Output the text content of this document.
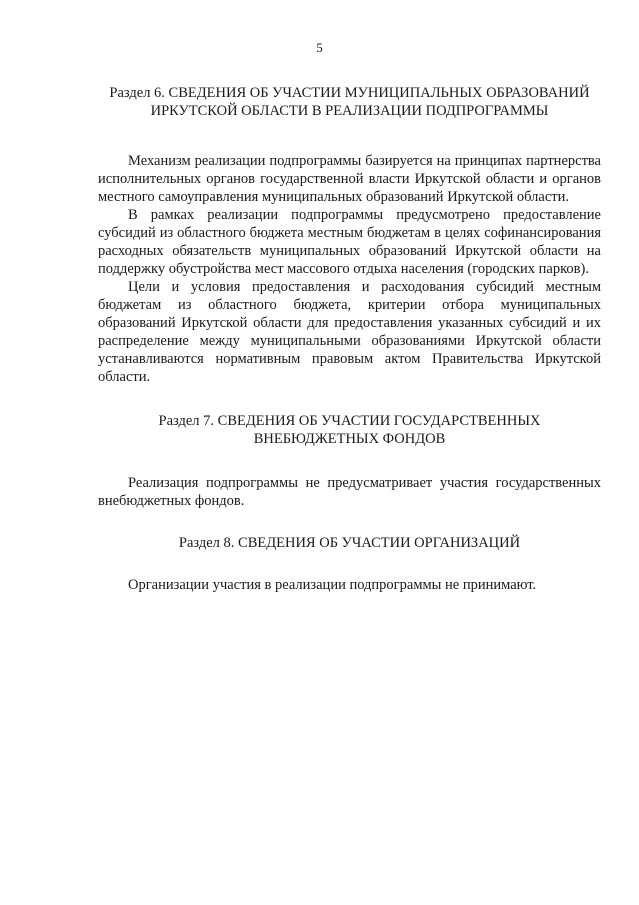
5
Раздел 6. СВЕДЕНИЯ ОБ УЧАСТИИ МУНИЦИПАЛЬНЫХ ОБРАЗОВАНИЙ
ИРКУТСКОЙ ОБЛАСТИ В РЕАЛИЗАЦИИ ПОДПРОГРАММЫ

Механизм реализации подпрограммы базируется на принципах партнерства исполнительных органов государственной власти Иркутской области и органов местного самоуправления муниципальных образований Иркутской области.

В рамках реализации подпрограммы предусмотрено предоставление субсидий из областного бюджета местным бюджетам в целях софинансирования расходных обязательств муниципальных образований Иркутской области на поддержку обустройства мест массового отдыха населения (городских парков).

Цели и условия предоставления и расходования субсидий местным бюджетам из областного бюджета, критерии отбора муниципальных образований Иркутской области для предоставления указанных субсидий и их распределение между муниципальными образованиями Иркутской области устанавливаются нормативным правовым актом Правительства Иркутской области.

Раздел 7. СВЕДЕНИЯ ОБ УЧАСТИИ ГОСУДАРСТВЕННЫХ
ВНЕБЮДЖЕТНЫХ ФОНДОВ

Реализация подпрограммы не предусматривает участия государственных внебюджетных фондов.

Раздел 8. СВЕДЕНИЯ ОБ УЧАСТИИ ОРГАНИЗАЦИЙ

Организации участия в реализации подпрограммы не принимают.
